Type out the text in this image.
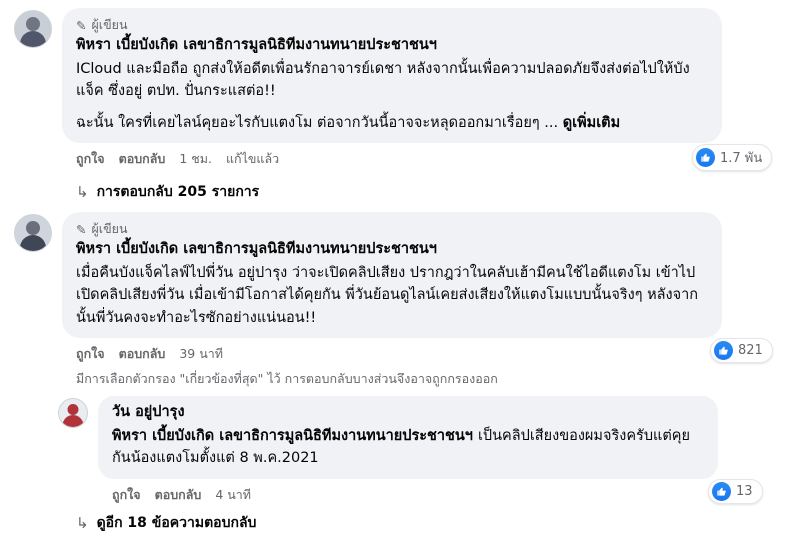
✎ ผู้เขียน
พิหรา เบี้ยบังเกิด เลขาธิการมูลนิธิทีมงานทนายประชาชนฯ
ICloud และมือถือ ถูกส่งให้อดีตเพื่อนรักอาจารย์เดชา หลังจากนั้นเพื่อความปลอดภัยจึงส่งต่อไปให้บังแจ็ค ซึ่งอยู่ ตปท. ปั่นกระแสต่อ!!
ฉะนั้น ใครที่เคยไลน์คุยอะไรกับแตงโม ต่อจากวันนี้อาจจะหลุดออกมาเรื่อยๆ ... ดูเพิ่มเติม
ถูกใจ ตอบกลับ 1 ชม. แก้ไขแล้ว	1.7 พัน
↳ การตอบกลับ 205 รายการ
✎ ผู้เขียน
พิหรา เบี้ยบังเกิด เลขาธิการมูลนิธิทีมงานทนายประชาชนฯ
เมื่อคืนบังแจ็คไลฟ์ไปพี่วัน อยู่ปารุง ว่าจะเปิดคลิปเสียง ปรากฎว่าในคลับเฮ้ามีคนใช้ไอดีแตงโม เข้าไปเปิดคลิปเสียงพี่วัน เมื่อเข้ามีโอกาสได้คุยกัน พี่วันย้อนดูไลน์เคยส่งเสียงให้แตงโมแบบนั้นจริงๆ หลังจากนั้นพี่วันคงจะทำอะไรซักอย่างแน่นอน!!
ถูกใจ ตอบกลับ 39 นาที	821
มีการเลือกตัวกรอง "เกี่ยวข้องที่สุด" ไว้ การตอบกลับบางส่วนจึงอาจถูกกรองออก
วัน อยู่ปารุง
พิหรา เบี้ยบังเกิด เลขาธิการมูลนิธิทีมงานทนายประชาชนฯ เป็นคลิปเสียงของผมจริงครับแต่คุยกันน้องแตงโมตั้งแต่ 8 พ.ค.2021
ถูกใจ ตอบกลับ 4 นาที	13
↳ ดูอีก 18 ข้อความตอบกลับ
